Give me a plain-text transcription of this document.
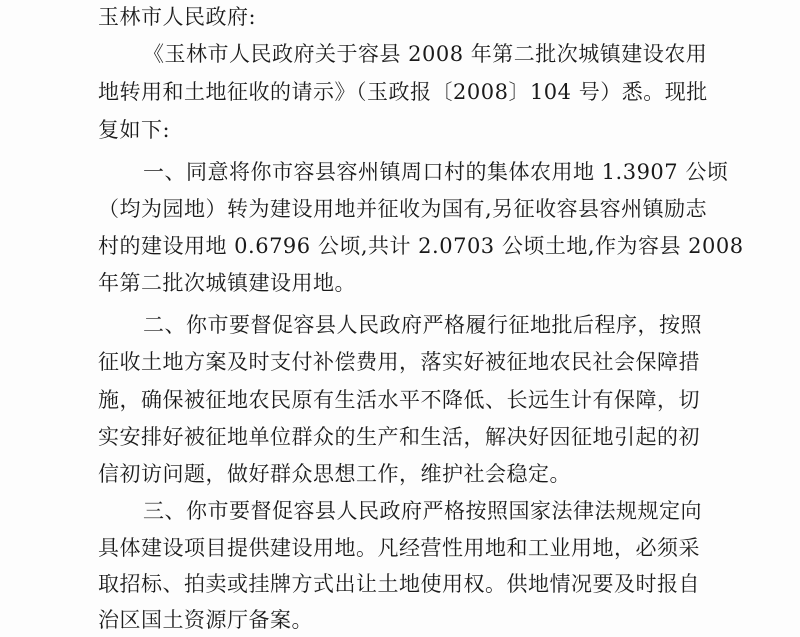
玉林市人民政府:
《玉林市人民政府关于容县 2008 年第二批次城镇建设农用
地转用和土地征收的请示》（玉政报〔2008〕104 号）悉。现批
复如下:
一、同意将你市容县容州镇周口村的集体农用地 1.3907 公顷
（均为园地）转为建设用地并征收为国有,另征收容县容州镇励志
村的建设用地 0.6796 公顷,共计 2.0703 公顷土地,作为容县 2008
年第二批次城镇建设用地。
二、你市要督促容县人民政府严格履行征地批后程序，按照
征收土地方案及时支付补偿费用，落实好被征地农民社会保障措
施，确保被征地农民原有生活水平不降低、长远生计有保障，切
实安排好被征地单位群众的生产和生活，解决好因征地引起的初
信初访问题，做好群众思想工作，维护社会稳定。
三、你市要督促容县人民政府严格按照国家法律法规规定向
具体建设项目提供建设用地。凡经营性用地和工业用地，必须采
取招标、拍卖或挂牌方式出让土地使用权。供地情况要及时报自
治区国土资源厅备案。
